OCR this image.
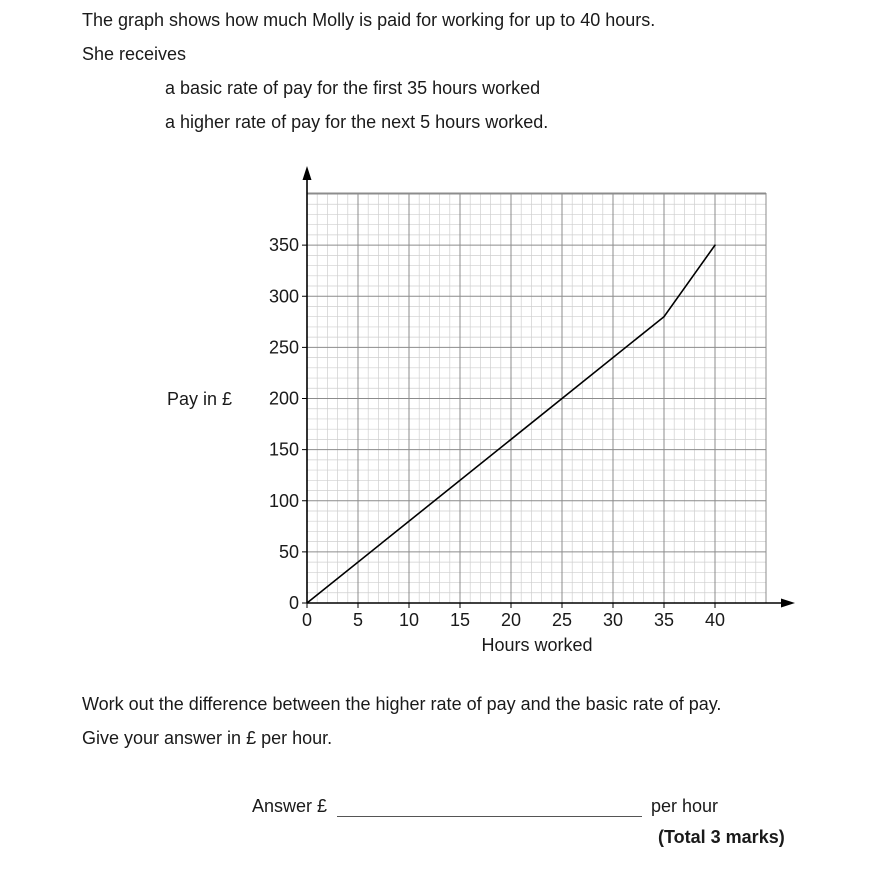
The graph shows how much Molly is paid for working for up to 40 hours.
She receives
a basic rate of pay for the first 35 hours worked
a higher rate of pay for the next 5 hours worked.
0
50
100
150
200
250
300
350
0 5 10 15 20 25 30 35 40
Pay in £
Hours worked
Work out the difference between the higher rate of pay and the basic rate of pay.
Give your answer in £ per hour.
Answer £	per hour
(Total 3 marks)
